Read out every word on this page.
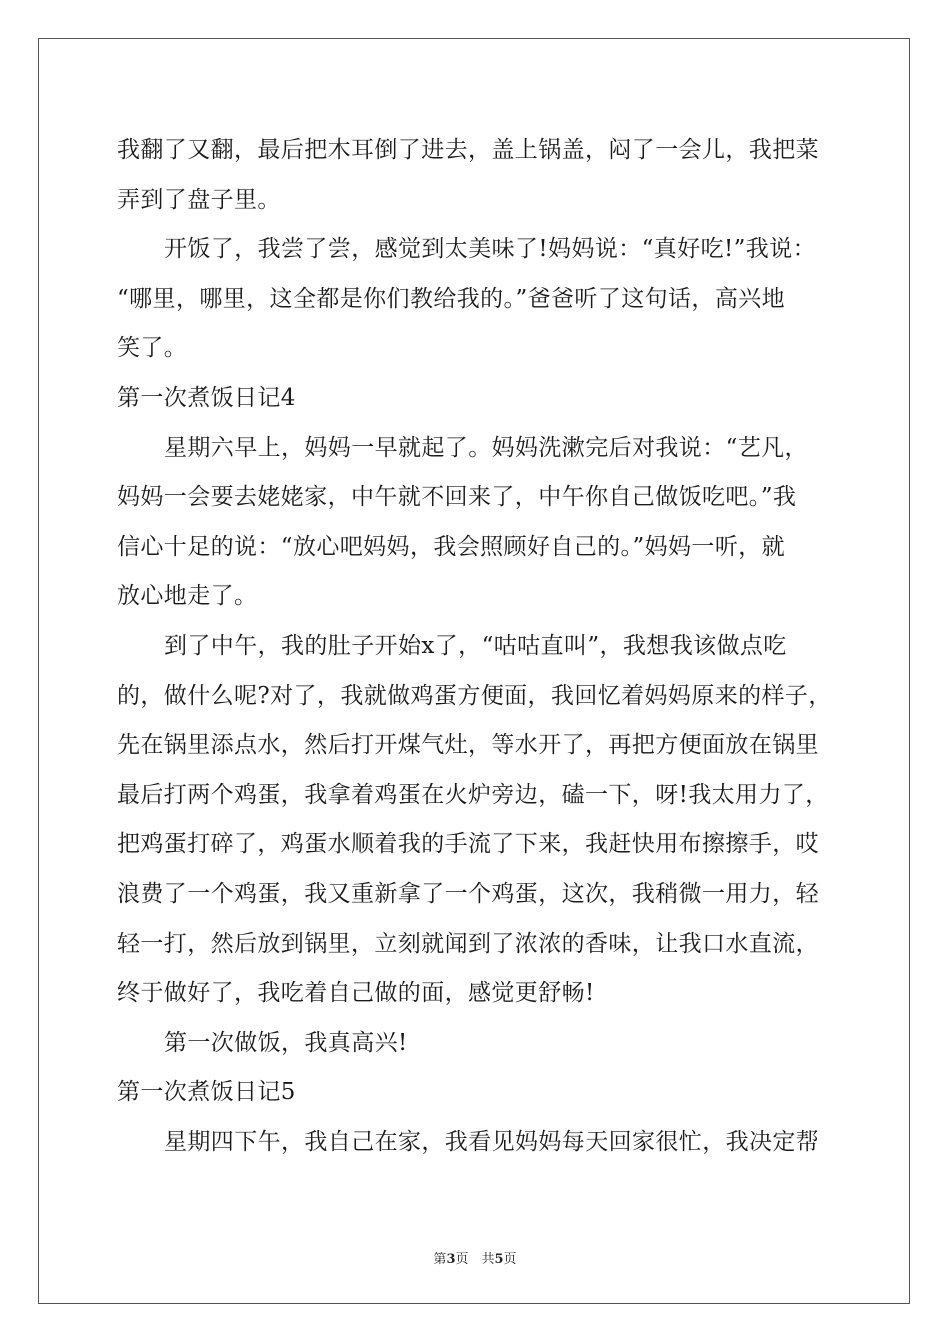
我翻了又翻，最后把木耳倒了进去，盖上锅盖，闷了一会儿，我把菜
弄到了盘子里。
开饭了，我尝了尝，感觉到太美味了!妈妈说：“真好吃!”我说：
“哪里，哪里，这全都是你们教给我的。”爸爸听了这句话，高兴地
笑了。
第一次煮饭日记4
星期六早上，妈妈一早就起了。妈妈洗漱完后对我说：“艺凡，
妈妈一会要去姥姥家，中午就不回来了，中午你自己做饭吃吧。”我
信心十足的说：“放心吧妈妈，我会照顾好自己的。”妈妈一听，就
放心地走了。
到了中午，我的肚子开始x了，“咕咕直叫”，我想我该做点吃
的，做什么呢?对了，我就做鸡蛋方便面，我回忆着妈妈原来的样子，
先在锅里添点水，然后打开煤气灶，等水开了，再把方便面放在锅里
最后打两个鸡蛋，我拿着鸡蛋在火炉旁边，磕一下，呀!我太用力了，
把鸡蛋打碎了，鸡蛋水顺着我的手流了下来，我赶快用布擦擦手，哎
浪费了一个鸡蛋，我又重新拿了一个鸡蛋，这次，我稍微一用力，轻
轻一打，然后放到锅里，立刻就闻到了浓浓的香味，让我口水直流，
终于做好了，我吃着自己做的面，感觉更舒畅!
第一次做饭，我真高兴!
第一次煮饭日记5
星期四下午，我自己在家，我看见妈妈每天回家很忙，我决定帮
第3页　共5页
